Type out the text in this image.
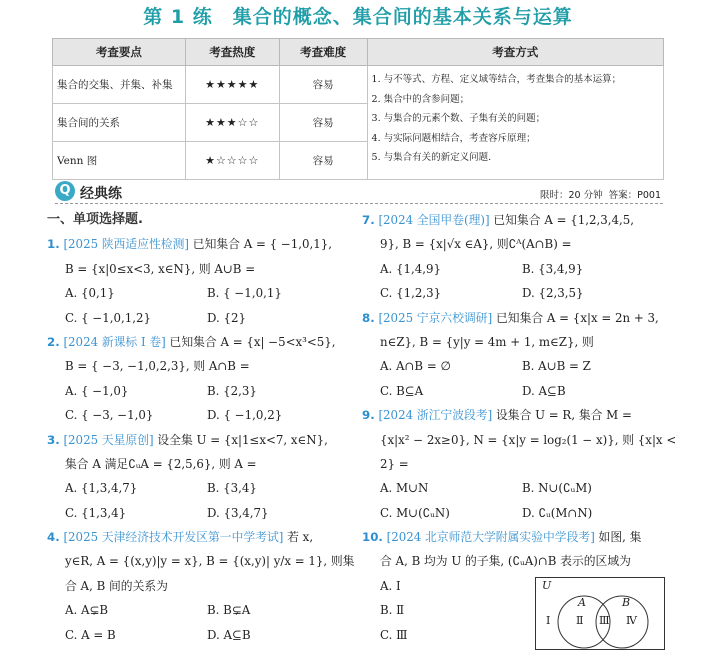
第 1 练　集合的概念、集合间的基本关系与运算
考查要点	考查热度	考查难度	考查方式
集合的交集、并集、补集	★★★★★	容易	1. 与不等式、方程、定义域等结合，考查集合的基本运算；
2. 集合中的含参问题；
3. 与集合的元素个数、子集有关的问题；
4. 与实际问题相结合，考查容斥原理；
5. 与集合有关的新定义问题.

集合间的关系	★★★☆☆	容易	
Venn 图	★☆☆☆☆	容易	
Q 经典练	限时：20 分钟 答案：P001
一、单项选择题.
1. [2025 陕西适应性检测] 已知集合 A = { −1,0,1},
B = {x|0≤x<3, x∈N}, 则 A∪B =
A. {0,1}	B. { −1,0,1}
C. { −1,0,1,2}	D. {2}
2. [2024 新课标 Ⅰ 卷] 已知集合 A = {x| −5<x³<5},
B = { −3, −1,0,2,3}, 则 A∩B =
A. { −1,0}	B. {2,3}
C. { −3, −1,0}	D. { −1,0,2}
3. [2025 天星原创] 设全集 U = {x|1≤x<7, x∈N},
集合 A 满足∁ᵤA = {2,5,6}, 则 A =
A. {1,3,4,7}	B. {3,4}
C. {1,3,4}	D. {3,4,7}
4. [2025 天津经济技术开发区第一中学考试] 若 x,
y∈R, A = {(x,y)|y = x}, B = {(x,y)| y/x = 1}, 则集
合 A, B 间的关系为
A. A⊊B	B. B⊊A
C. A = B	D. A⊆B
7. [2024 全国甲卷(理)] 已知集合 A = {1,2,3,4,5,
9}, B = {x|√x ∈A}, 则∁ᴬ(A∩B) =
A. {1,4,9}	B. {3,4,9}
C. {1,2,3}	D. {2,3,5}
8. [2025 宁京六校调研] 已知集合 A = {x|x = 2n + 3,
n∈Z}, B = {y|y = 4m + 1, m∈Z}, 则
A. A∩B = ∅	B. A∪B = Z
C. B⊆A	D. A⊆B
9. [2024 浙江宁波段考] 设集合 U = R, 集合 M =
{x|x² − 2x≥0}, N = {x|y = log₂(1 − x)}, 则 {x|x <
2} =
A. M∪N	B. N∪(∁ᵤM)
C. M∪(∁ᵤN)	D. ∁ᵤ(M∩N)
10. [2024 北京师范大学附属实验中学段考] 如图, 集
合 A, B 均为 U 的子集, (∁ᵤA)∩B 表示的区域为
A. Ⅰ
B. Ⅱ
C. Ⅲ
U
A	B
Ⅰ Ⅱ Ⅲ Ⅳ
